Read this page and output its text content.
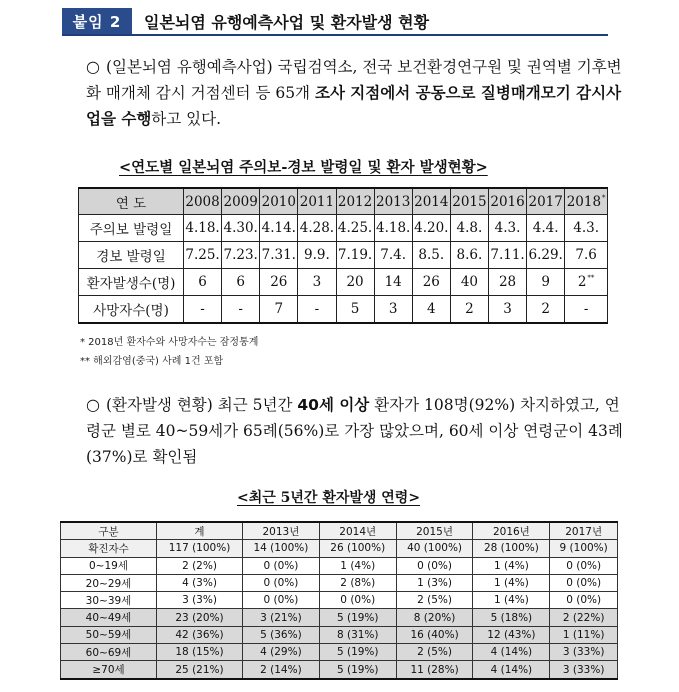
붙임 2	일본뇌염 유행예측사업 및 환자발생 현황
○ (일본뇌염 유행예측사업) 국립검역소, 전국 보건환경연구원 및 권역별 기후변화 매개체 감시 거점센터 등 65개 조사 지점에서 공동으로 질병매개모기 감시사업을 수행하고 있다.
<연도별 일본뇌염 주의보-경보 발령일 및 환자 발생현황>
연 도	2008	2009	2010	2011	2012	2013	2014	2015	2016	2017	2018*
주의보 발령일	4.18.	4.30.	4.14.	4.28.	4.25.	4.18.	4.20.	4.8.	4.3.	4.4.	4.3.
경보 발령일	7.25.	7.23.	7.31.	9.9.	7.19.	7.4.	8.5.	8.6.	7.11.	6.29.	7.6
환자발생수(명)	6	6	26	3	20	14	26	40	28	9	2**
사망자수(명)	-	-	7	-	5	3	4	2	3	2	-
* 2018년 환자수와 사망자수는 잠정통계
** 해외감염(중국) 사례 1건 포함
○ (환자발생 현황) 최근 5년간 40세 이상 환자가 108명(92%) 차지하였고, 연령군 별로 40~59세가 65례(56%)로 가장 많았으며, 60세 이상 연령군이 43례(37%)로 확인됨
<최근 5년간 환자발생 연령>
구분	계	2013년	2014년	2015년	2016년	2017년
확진자수	117 (100%)	14 (100%)	26 (100%)	40 (100%)	28 (100%)	9 (100%)
0~19세	2 (2%)	0 (0%)	1 (4%)	0 (0%)	1 (4%)	0 (0%)
20~29세	4 (3%)	0 (0%)	2 (8%)	1 (3%)	1 (4%)	0 (0%)
30~39세	3 (3%)	0 (0%)	0 (0%)	2 (5%)	1 (4%)	0 (0%)
40~49세	23 (20%)	3 (21%)	5 (19%)	8 (20%)	5 (18%)	2 (22%)
50~59세	42 (36%)	5 (36%)	8 (31%)	16 (40%)	12 (43%)	1 (11%)
60~69세	18 (15%)	4 (29%)	5 (19%)	2 (5%)	4 (14%)	3 (33%)
≥70세	25 (21%)	2 (14%)	5 (19%)	11 (28%)	4 (14%)	3 (33%)
